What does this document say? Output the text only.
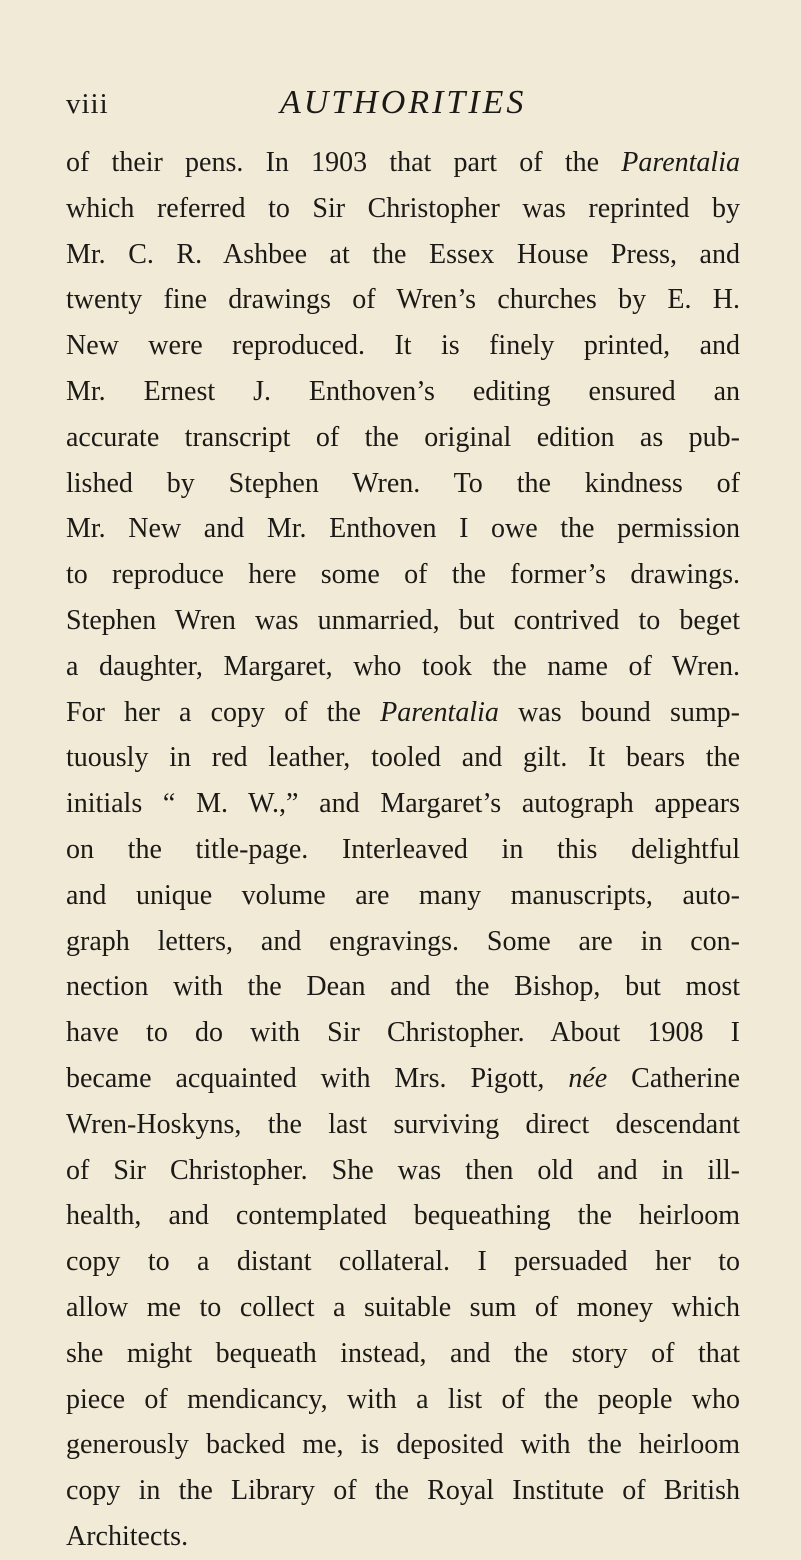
viii	AUTHORITIES
of their pens. In 1903 that part of the Parentalia
which referred to Sir Christopher was reprinted by
Mr. C. R. Ashbee at the Essex House Press, and
twenty fine drawings of Wren’s churches by E. H.
New were reproduced. It is finely printed, and
Mr. Ernest J. Enthoven’s editing ensured an
accurate transcript of the original edition as pub-
lished by Stephen Wren. To the kindness of
Mr. New and Mr. Enthoven I owe the permission
to reproduce here some of the former’s drawings.
Stephen Wren was unmarried, but contrived to beget
a daughter, Margaret, who took the name of Wren.
For her a copy of the Parentalia was bound sump-
tuously in red leather, tooled and gilt. It bears the
initials “ M. W.,” and Margaret’s autograph appears
on the title-page. Interleaved in this delightful
and unique volume are many manuscripts, auto-
graph letters, and engravings. Some are in con-
nection with the Dean and the Bishop, but most
have to do with Sir Christopher. About 1908 I
became acquainted with Mrs. Pigott, née Catherine
Wren-Hoskyns, the last surviving direct descendant
of Sir Christopher. She was then old and in ill-
health, and contemplated bequeathing the heirloom
copy to a distant collateral. I persuaded her to
allow me to collect a suitable sum of money which
she might bequeath instead, and the story of that
piece of mendicancy, with a list of the people who
generously backed me, is deposited with the heirloom
copy in the Library of the Royal Institute of British
Architects.
